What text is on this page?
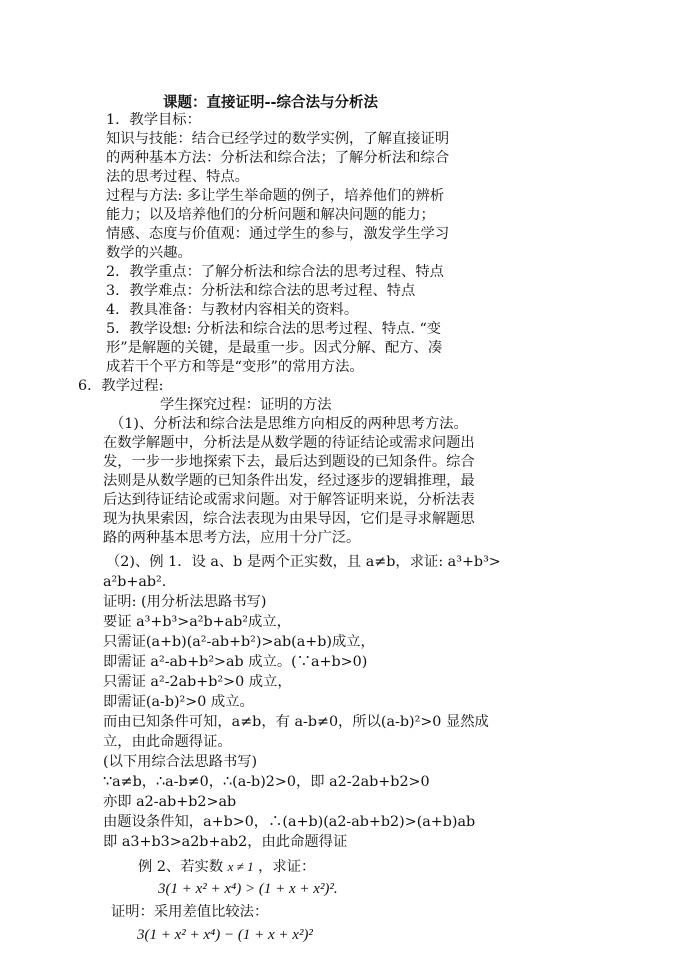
课题：直接证明--综合法与分析法
1．教学目标：
知识与技能：结合已经学过的数学实例，了解直接证明
的两种基本方法：分析法和综合法；了解分析法和综合
法的思考过程、特点。
过程与方法: 多让学生举命题的例子，培养他们的辨析
能力；以及培养他们的分析问题和解决问题的能力；
情感、态度与价值观：通过学生的参与，激发学生学习
数学的兴趣。
2．教学重点：了解分析法和综合法的思考过程、特点
3．教学难点：分析法和综合法的思考过程、特点
4．教具准备：与教材内容相关的资料。
5．教学设想: 分析法和综合法的思考过程、特点. “变
形”是解题的关键，是最重一步。因式分解、配方、凑
成若干个平方和等是“变形”的常用方法。
6．教学过程:
学生探究过程：证明的方法
（1)、分析法和综合法是思维方向相反的两种思考方法。
在数学解题中，分析法是从数学题的待证结论或需求问题出
发，一步一步地探索下去，最后达到题设的已知条件。综合
法则是从数学题的已知条件出发，经过逐步的逻辑推理，最
后达到待证结论或需求问题。对于解答证明来说，分析法表
现为执果索因，综合法表现为由果导因，它们是寻求解题思
路的两种基本思考方法，应用十分广泛。
（2)、例 1．设 a、b 是两个正实数，且 a≠b，求证: a³+b³>
a²b+ab².
证明: (用分析法思路书写)
要证 a³+b³>a²b+ab²成立，
只需证(a+b)(a²-ab+b²)>ab(a+b)成立，
即需证 a²-ab+b²>ab 成立。(∵a+b>0)
只需证 a²-2ab+b²>0 成立，
即需证(a-b)²>0 成立。
而由已知条件可知，a≠b，有 a-b≠0，所以(a-b)²>0 显然成
立，由此命题得证。
(以下用综合法思路书写)
∵a≠b，∴a-b≠0，∴(a-b)2>0，即 a2-2ab+b2>0
亦即 a2-ab+b2>ab
由题设条件知，a+b>0，∴(a+b)(a2-ab+b2)>(a+b)ab
即 a3+b3>a2b+ab2，由此命题得证
例 2、若实数 x ≠ 1 ，求证：
3(1 + x² + x⁴) > (1 + x + x²)².
证明：采用差值比较法：
3(1 + x² + x⁴) − (1 + x + x²)²
